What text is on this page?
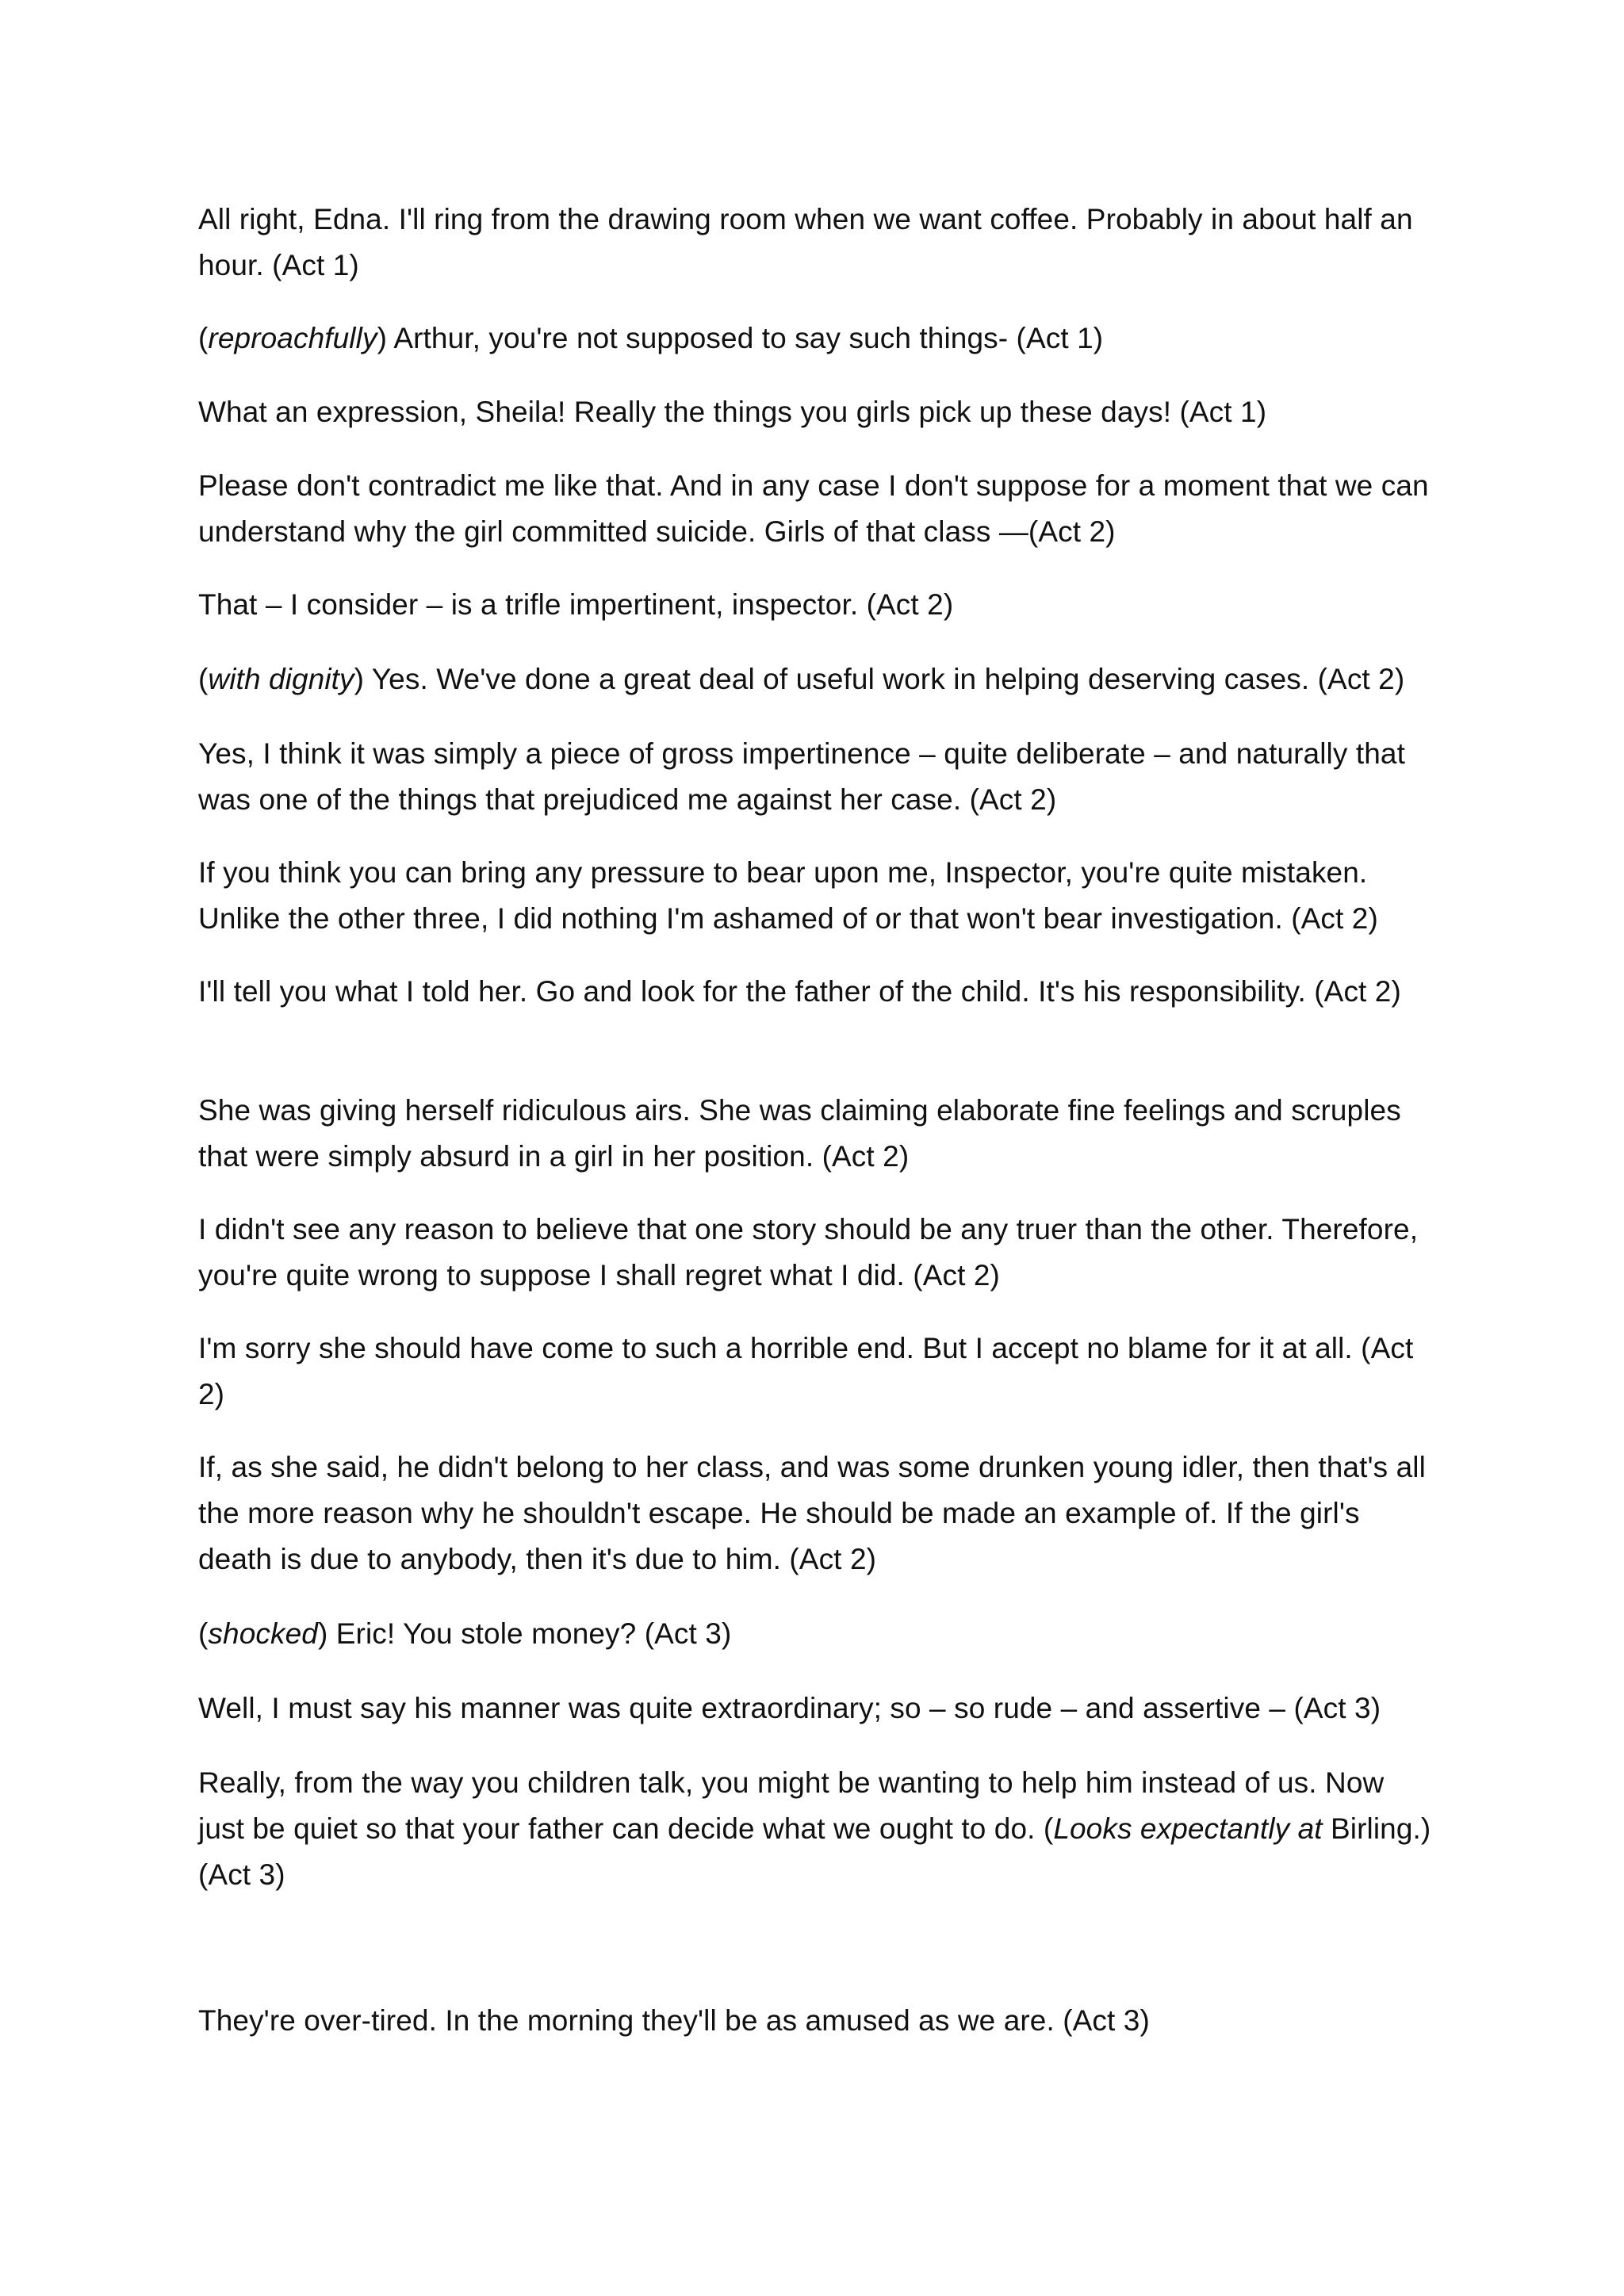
All right, Edna. I'll ring from the drawing room when we want coffee. Probably in about half an hour. (Act 1)

(reproachfully) Arthur, you're not supposed to say such things- (Act 1)

What an expression, Sheila! Really the things you girls pick up these days! (Act 1)

Please don't contradict me like that. And in any case I don't suppose for a moment that we can understand why the girl committed suicide. Girls of that class —(Act 2)

That – I consider – is a trifle impertinent, inspector. (Act 2)

(with dignity) Yes. We've done a great deal of useful work in helping deserving cases. (Act 2)

Yes, I think it was simply a piece of gross impertinence – quite deliberate – and naturally that was one of the things that prejudiced me against her case. (Act 2)

If you think you can bring any pressure to bear upon me, Inspector, you're quite mistaken. Unlike the other three, I did nothing I'm ashamed of or that won't bear investigation. (Act 2)

I'll tell you what I told her. Go and look for the father of the child. It's his responsibility. (Act 2)

She was giving herself ridiculous airs. She was claiming elaborate fine feelings and scruples that were simply absurd in a girl in her position. (Act 2)

I didn't see any reason to believe that one story should be any truer than the other. Therefore, you're quite wrong to suppose I shall regret what I did. (Act 2)

I'm sorry she should have come to such a horrible end. But I accept no blame for it at all. (Act 2)

If, as she said, he didn't belong to her class, and was some drunken young idler, then that's all the more reason why he shouldn't escape. He should be made an example of. If the girl's death is due to anybody, then it's due to him. (Act 2)

(shocked) Eric! You stole money? (Act 3)

Well, I must say his manner was quite extraordinary; so – so rude – and assertive – (Act 3)

Really, from the way you children talk, you might be wanting to help him instead of us. Now just be quiet so that your father can decide what we ought to do. (Looks expectantly at Birling.) (Act 3)

They're over-tired. In the morning they'll be as amused as we are. (Act 3)
